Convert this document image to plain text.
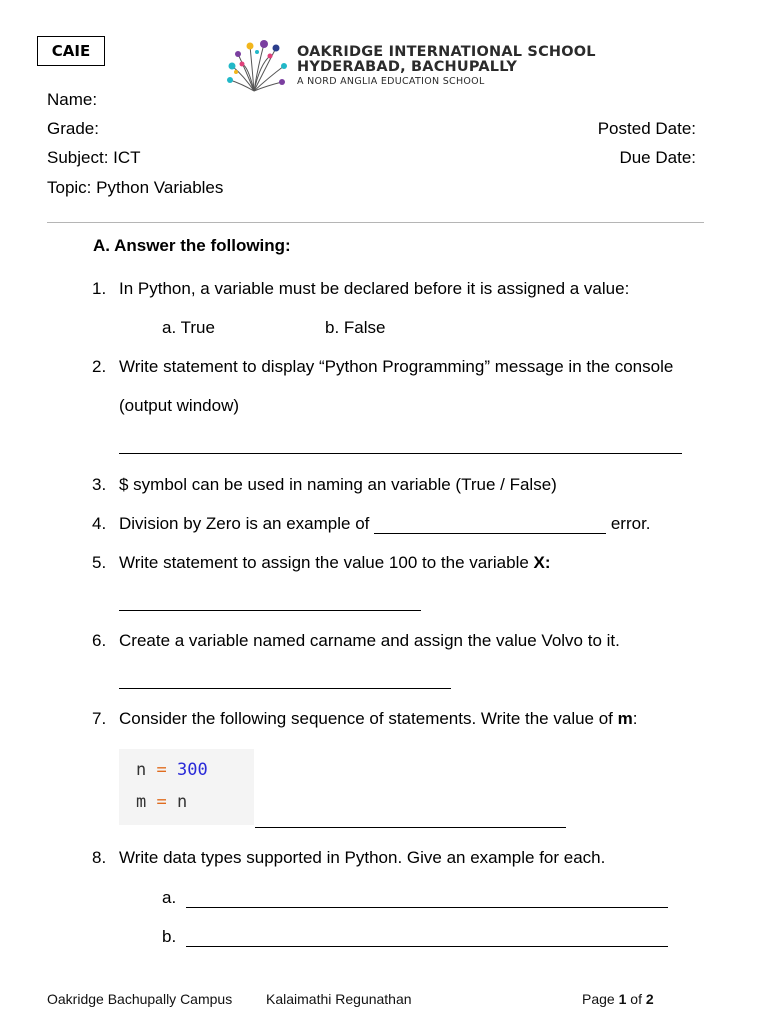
CAIE	OAKRIDGE INTERNATIONAL SCHOOL
HYDERABAD, BACHUPALLY
A NORD ANGLIA EDUCATION SCHOOL
Name:
Grade:
Subject: ICT
Topic: Python Variables
Posted Date:
Due Date:
A. Answer the following:
1. In Python, a variable must be declared before it is assigned a value:
a. True	b. False
2. Write statement to display “Python Programming” message in the console
(output window)
3. $ symbol can be used in naming an variable (True / False)
4. Division by Zero is an example of	error.
5. Write statement to assign the value 100 to the variable X:
6. Create a variable named carname and assign the value Volvo to it.
7. Consider the following sequence of statements. Write the value of m:
n = 300
m = n
8. Write data types supported in Python. Give an example for each.
a.
b.
Oakridge Bachupally Campus Kalaimathi Regunathan	Page 1 of 2
